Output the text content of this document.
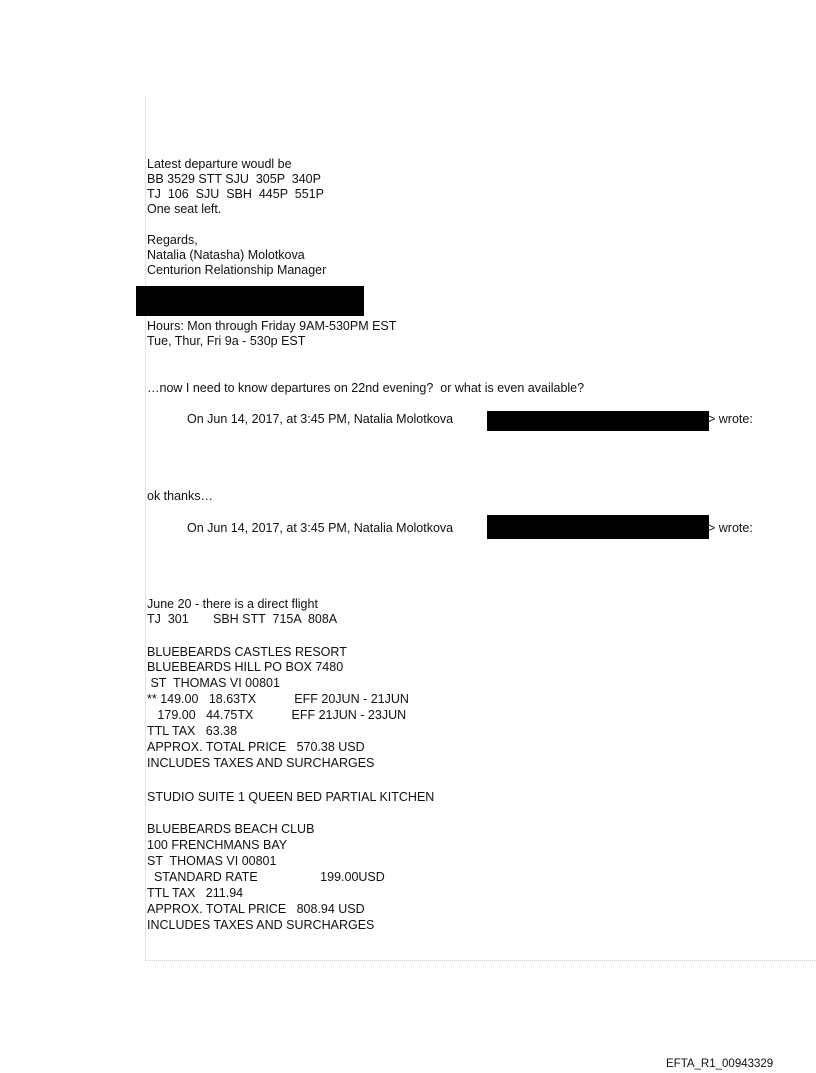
Latest departure woudl be
BB 3529 STT SJU  305P  340P
TJ  106  SJU  SBH  445P  551P
One seat left.
Regards,
Natalia (Natasha) Molotkova
Centurion Relationship Manager
Hours: Mon through Friday 9AM-530PM EST
Tue, Thur, Fri 9a - 530p EST
…now I need to know departures on 22nd evening?  or what is even available?
On Jun 14, 2017, at 3:45 PM, Natalia Molotkova	> wrote:
ok thanks…
On Jun 14, 2017, at 3:45 PM, Natalia Molotkova	> wrote:
June 20 - there is a direct flight
TJ  301       SBH STT  715A  808A
BLUEBEARDS CASTLES RESORT
BLUEBEARDS HILL PO BOX 7480
ST  THOMAS VI 00801
** 149.00   18.63TX           EFF 20JUN - 21JUN
179.00   44.75TX           EFF 21JUN - 23JUN
TTL TAX   63.38
APPROX. TOTAL PRICE   570.38 USD
INCLUDES TAXES AND SURCHARGES
STUDIO SUITE 1 QUEEN BED PARTIAL KITCHEN
BLUEBEARDS BEACH CLUB
100 FRENCHMANS BAY
ST  THOMAS VI 00801
STANDARD RATE                  199.00USD
TTL TAX   211.94
APPROX. TOTAL PRICE   808.94 USD
INCLUDES TAXES AND SURCHARGES
EFTA_R1_00943329
